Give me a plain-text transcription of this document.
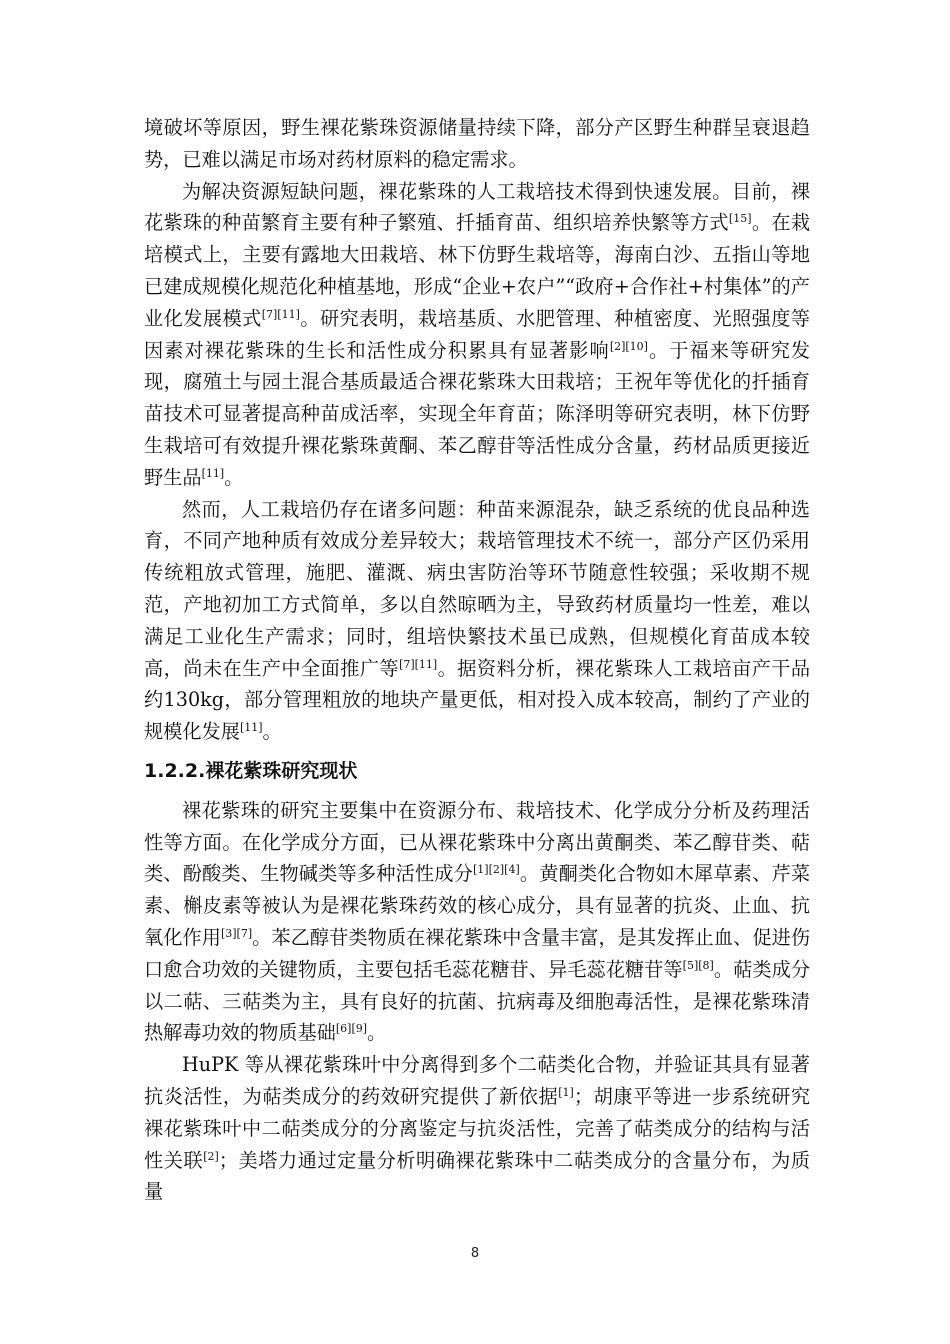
境破坏等原因，野生裸花紫珠资源储量持续下降，部分产区野生种群呈衰退趋势，已难以满足市场对药材原料的稳定需求。

为解决资源短缺问题，裸花紫珠的人工栽培技术得到快速发展。目前，裸花紫珠的种苗繁育主要有种子繁殖、扦插育苗、组织培养快繁等方式[15]。在栽培模式上，主要有露地大田栽培、林下仿野生栽培等，海南白沙、五指山等地已建成规模化规范化种植基地，形成“企业+农户”“政府+合作社+村集体”的产业化发展模式[7][11]。研究表明，栽培基质、水肥管理、种植密度、光照强度等因素对裸花紫珠的生长和活性成分积累具有显著影响[2][10]。于福来等研究发现，腐殖土与园土混合基质最适合裸花紫珠大田栽培；王祝年等优化的扦插育苗技术可显著提高种苗成活率，实现全年育苗；陈泽明等研究表明，林下仿野生栽培可有效提升裸花紫珠黄酮、苯乙醇苷等活性成分含量，药材品质更接近野生品[11]。

然而，人工栽培仍存在诸多问题：种苗来源混杂，缺乏系统的优良品种选育，不同产地种质有效成分差异较大；栽培管理技术不统一，部分产区仍采用传统粗放式管理，施肥、灌溉、病虫害防治等环节随意性较强；采收期不规范，产地初加工方式简单，多以自然晾晒为主，导致药材质量均一性差，难以满足工业化生产需求；同时，组培快繁技术虽已成熟，但规模化育苗成本较高，尚未在生产中全面推广等[7][11]。据资料分析，裸花紫珠人工栽培亩产干品约130kg，部分管理粗放的地块产量更低，相对投入成本较高，制约了产业的规模化发展[11]。

1.2.2.裸花紫珠研究现状

裸花紫珠的研究主要集中在资源分布、栽培技术、化学成分分析及药理活性等方面。在化学成分方面，已从裸花紫珠中分离出黄酮类、苯乙醇苷类、萜类、酚酸类、生物碱类等多种活性成分[1][2][4]。黄酮类化合物如木犀草素、芹菜素、槲皮素等被认为是裸花紫珠药效的核心成分，具有显著的抗炎、止血、抗氧化作用[3][7]。苯乙醇苷类物质在裸花紫珠中含量丰富，是其发挥止血、促进伤口愈合功效的关键物质，主要包括毛蕊花糖苷、异毛蕊花糖苷等[5][8]。萜类成分以二萜、三萜类为主，具有良好的抗菌、抗病毒及细胞毒活性，是裸花紫珠清热解毒功效的物质基础[6][9]。

HuPK 等从裸花紫珠叶中分离得到多个二萜类化合物，并验证其具有显著抗炎活性，为萜类成分的药效研究提供了新依据[1]；胡康平等进一步系统研究裸花紫珠叶中二萜类成分的分离鉴定与抗炎活性，完善了萜类成分的结构与活性关联[2]；美塔力通过定量分析明确裸花紫珠中二萜类成分的含量分布，为质量

8
